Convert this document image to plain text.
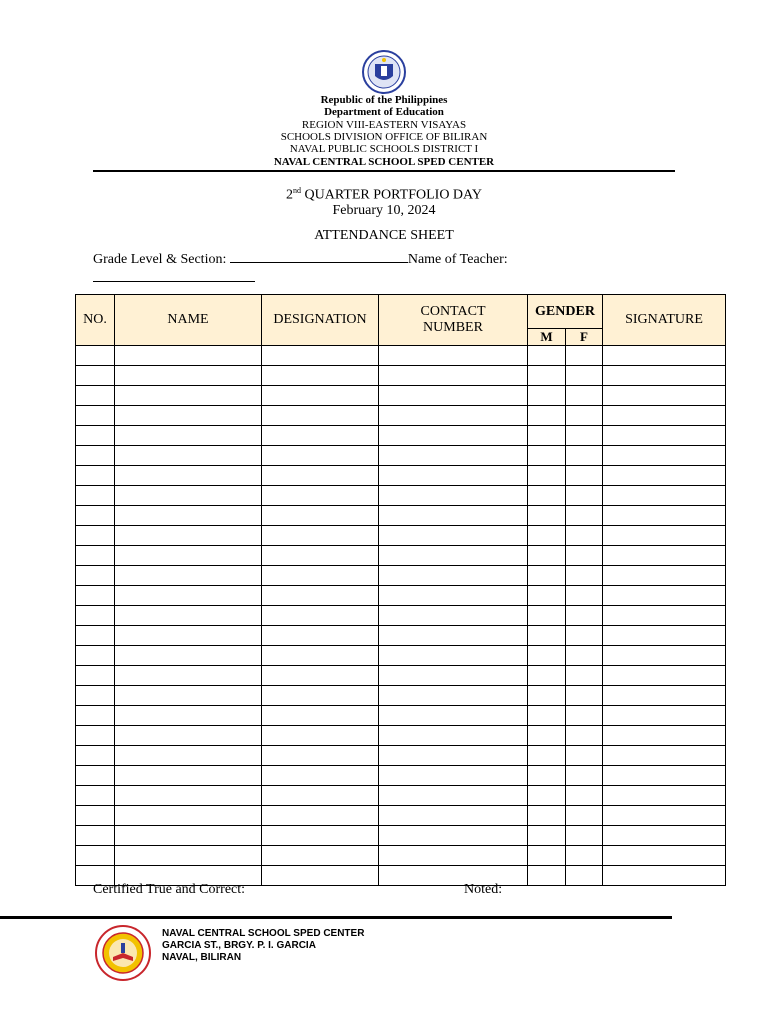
Republic of the Philippines
Department of Education
REGION VIII-EASTERN VISAYAS
SCHOOLS DIVISION OFFICE OF BILIRAN
NAVAL PUBLIC SCHOOLS DISTRICT I
NAVAL CENTRAL SCHOOL SPED CENTER
2nd QUARTER PORTFOLIO DAY
February 10, 2024
ATTENDANCE SHEET
Grade Level & Section:	Name of Teacher:
NO.	NAME	DESIGNATION	CONTACT NUMBER	GENDER		SIGNATURE
				M	F	

Certified True and Correct:	Noted:
NAVAL CENTRAL SCHOOL SPED CENTER
GARCIA ST., BRGY. P. I. GARCIA
NAVAL, BILIRAN
